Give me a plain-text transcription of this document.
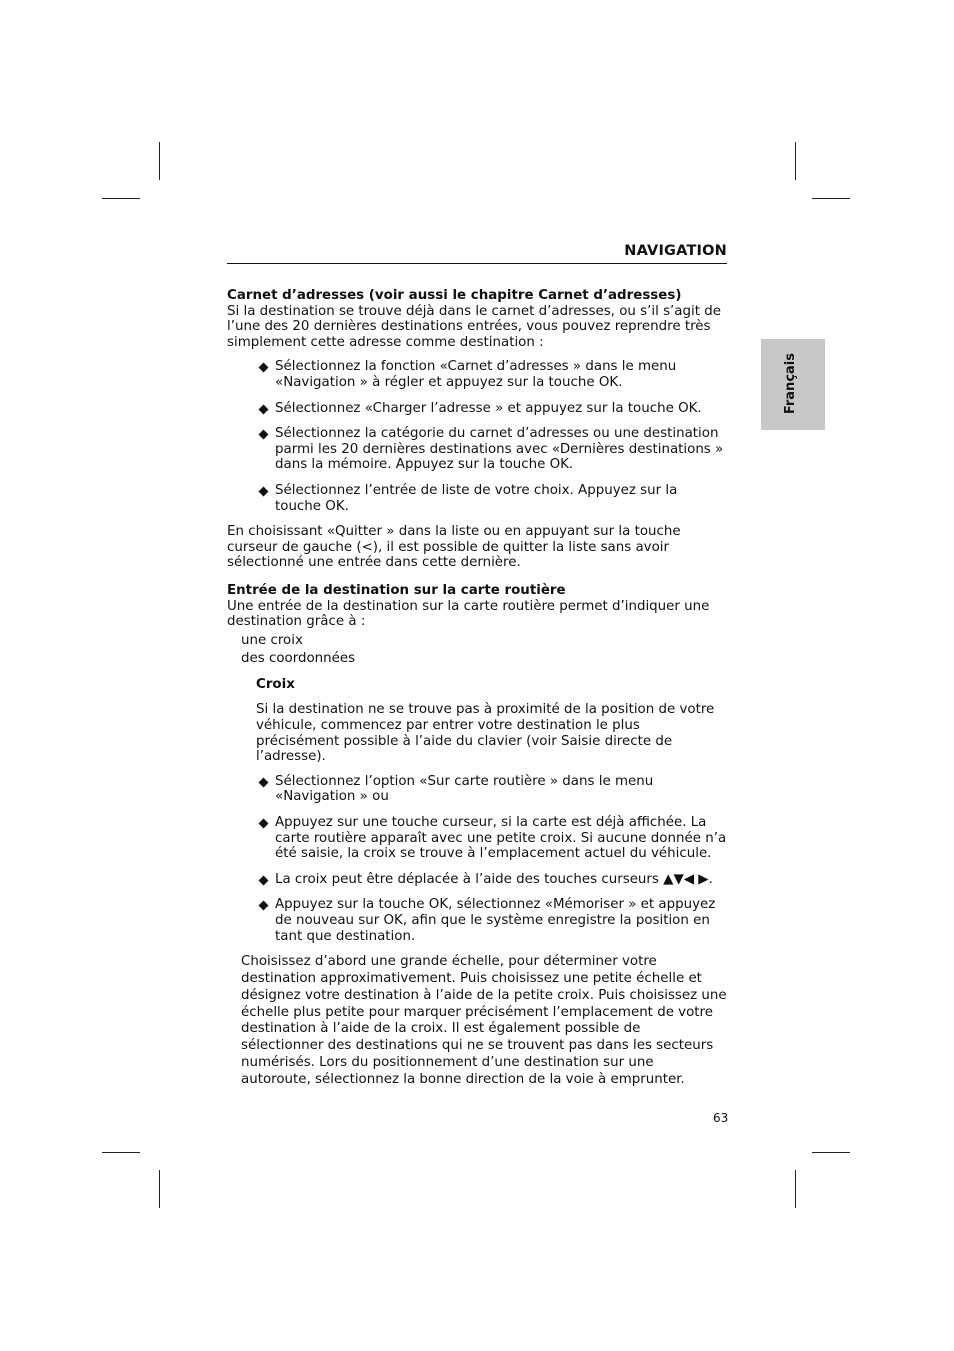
Français
NAVIGATION
Carnet d’adresses (voir aussi le chapitre Carnet d’adresses)

Si la destination se trouve déjà dans le carnet d’adresses, ou s’il s’agit de l’une des 20 dernières destinations entrées, vous pouvez reprendre très simplement cette adresse comme destination :

Sélectionnez la fonction «Carnet d’adresses » dans le menu «Navigation » à régler et appuyez sur la touche OK.
Sélectionnez «Charger l’adresse » et appuyez sur la touche OK.
Sélectionnez la catégorie du carnet d’adresses ou une destination parmi les 20 dernières destinations avec «Dernières destinations » dans la mémoire. Appuyez sur la touche OK.
Sélectionnez l’entrée de liste de votre choix. Appuyez sur la touche OK.

En choisissant «Quitter » dans la liste ou en appuyant sur la touche curseur de gauche (<), il est possible de quitter la liste sans avoir sélectionné une entrée dans cette dernière.

Entrée de la destination sur la carte routière

Une entrée de la destination sur la carte routière permet d’indiquer une destination grâce à :

une croix

des coordonnées

Croix

Si la destination ne se trouve pas à proximité de la position de votre véhicule, commencez par entrer votre destination le plus précisément possible à l’aide du clavier (voir Saisie directe de l’adresse).

Sélectionnez l’option «Sur carte routière » dans le menu «Navigation » ou
Appuyez sur une touche curseur, si la carte est déjà affichée. La carte routière apparaît avec une petite croix. Si aucune donnée n’a été saisie, la croix se trouve à l’emplacement actuel du véhicule.
La croix peut être déplacée à l’aide des touches curseurs ▲▼◀ ▶.
Appuyez sur la touche OK, sélectionnez «Mémoriser » et appuyez de nouveau sur OK, afin que le système enregistre la position en tant que destination.

Choisissez d’abord une grande échelle, pour déterminer votre destination approximativement. Puis choisissez une petite échelle et désignez votre destination à l’aide de la petite croix. Puis choisissez une échelle plus petite pour marquer précisément l’emplacement de votre destination à l’aide de la croix. Il est également possible de sélectionner des destinations qui ne se trouvent pas dans les secteurs numérisés. Lors du positionnement d’une destination sur une autoroute, sélectionnez la bonne direction de la voie à emprunter.

63
